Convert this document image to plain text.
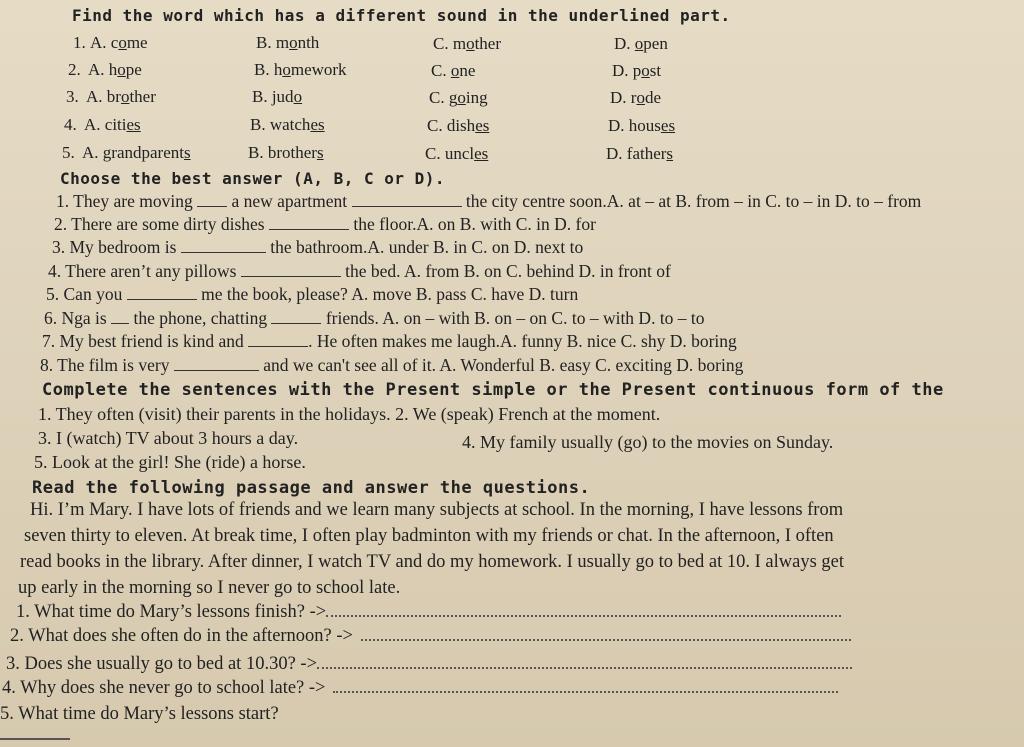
Find the word which has a different sound in the underlined part.
1. A. come	B. month	C. mother	D. open
2. A. hope	B. homework	C. one	D. post
3. A. brother	B. judo	C. going	D. rode
4. A. cities	B. watches	C. dishes	D. houses
5. A. grandparents	B. brothers	C. uncles	D. fathers
Choose the best answer (A, B, C or D).
1. They are moving  a new apartment	the city centre soon.A. at – at B. from – in C. to – in D. to – from
2. There are some dirty dishes	the floor.A. on B. with C. in D. for
3. My bedroom is	the bathroom.A. under B. in C. on D. next to
4. There aren’t any pillows	the bed. A. from B. on C. behind D. in front of
5. Can you	me the book, please? A. move B. pass C. have D. turn
6. Nga is  the phone, chatting	friends. A. on – with B. on – on C. to – with D. to – to
7. My best friend is kind and	. He often makes me laugh.A. funny B. nice C. shy D. boring
8. The film is very	and we can't see all of it. A. Wonderful B. easy C. exciting D. boring
Complete the sentences with the Present simple or the Present continuous form of the
1. They often (visit) their parents in the holidays. 2. We (speak) French at the moment.
3. I (watch) TV about 3 hours a day.	4. My family usually (go) to the movies on Sunday.
5. Look at the girl! She (ride) a horse.
Read the following passage and answer the questions.
Hi. I’m Mary. I have lots of friends and we learn many subjects at school. In the morning, I have lessons from
seven thirty to eleven. At break time, I often play badminton with my friends or chat. In the afternoon, I often
read books in the library. After dinner, I watch TV and do my homework. I usually go to bed at 10. I always get
up early in the morning so I never go to school late.
1. What time do Mary’s lessons finish? ->
2. What does she often do in the afternoon? ->
3. Does she usually go to bed at 10.30? ->
4. Why does she never go to school late? ->
5. What time do Mary’s lessons start?
